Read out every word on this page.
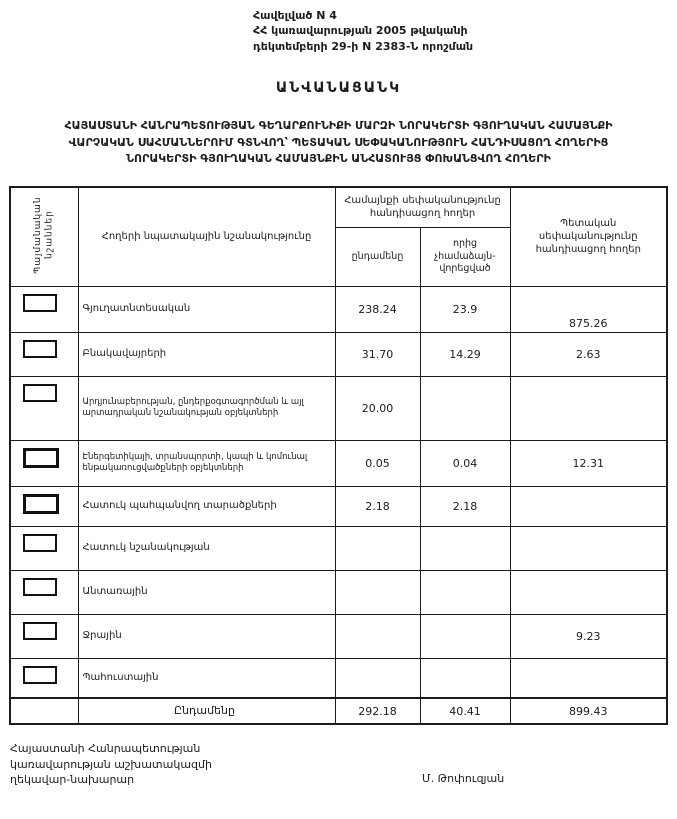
Հավելված N 4
ՀՀ կառավարության 2005 թվականի
դեկտեմբերի 29-ի N 2383-Ն որոշման
ԱՆՎԱՆԱՑԱՆԿ
ՀԱՅԱՍՏԱՆԻ ՀԱՆՐԱՊԵՏՈՒԹՅԱՆ ԳԵՂԱՐՔՈՒՆԻՔԻ ՄԱՐԶԻ ՆՈՐԱԿԵՐՏԻ ԳՅՈՒՂԱԿԱՆ ՀԱՄԱՅՆՔԻ
ՎԱՐՉԱԿԱՆ ՍԱՀՄԱՆՆԵՐՈՒՄ ԳՏՆՎՈՂ՝ ՊԵՏԱԿԱՆ ՍԵՓԱԿԱՆՈՒԹՅՈՒՆ ՀԱՆԴԻՍԱՑՈՂ ՀՈՂԵՐԻՑ
ՆՈՐԱԿԵՐՏԻ ԳՅՈՒՂԱԿԱՆ ՀԱՄԱՅՆՔԻՆ ԱՆՀԱՏՈՒՅՑ ՓՈԽԱՆՑՎՈՂ ՀՈՂԵՐԻ
Պայմանական նշաններ	Հողերի նպատակային նշանակությունը	Համայնքի սեփականությունը հանդիսացող հողեր		Պետական սեփականությունը հանդիսացող հողեր
		ընդամենը	որից չհամաձայն-վորեցված	

	Գյուղատնտեսական	238.24	23.9	875.26

	Բնակավայրերի	31.70	14.29	2.63

	Արդյունաբերության, ընդերքօգտագործման և այլ արտադրական նշանակության օբյեկտների	20.00		

	Էներգետիկայի, տրանսպորտի, կապի և կոմունալ ենթակառուցվածքների օբյեկտների	0.05	0.04	12.31

	Հատուկ պահպանվող տարածքների	2.18	2.18	

	Հատուկ նշանակության			

	Անտառային			

	Ջրային			9.23

	Պահուստային			
	Ընդամենը	292.18	40.41	899.43
Հայաստանի Հանրապետության
կառավարության աշխատակազմի
ղեկավար-նախարար	Մ. Թոփուզյան
